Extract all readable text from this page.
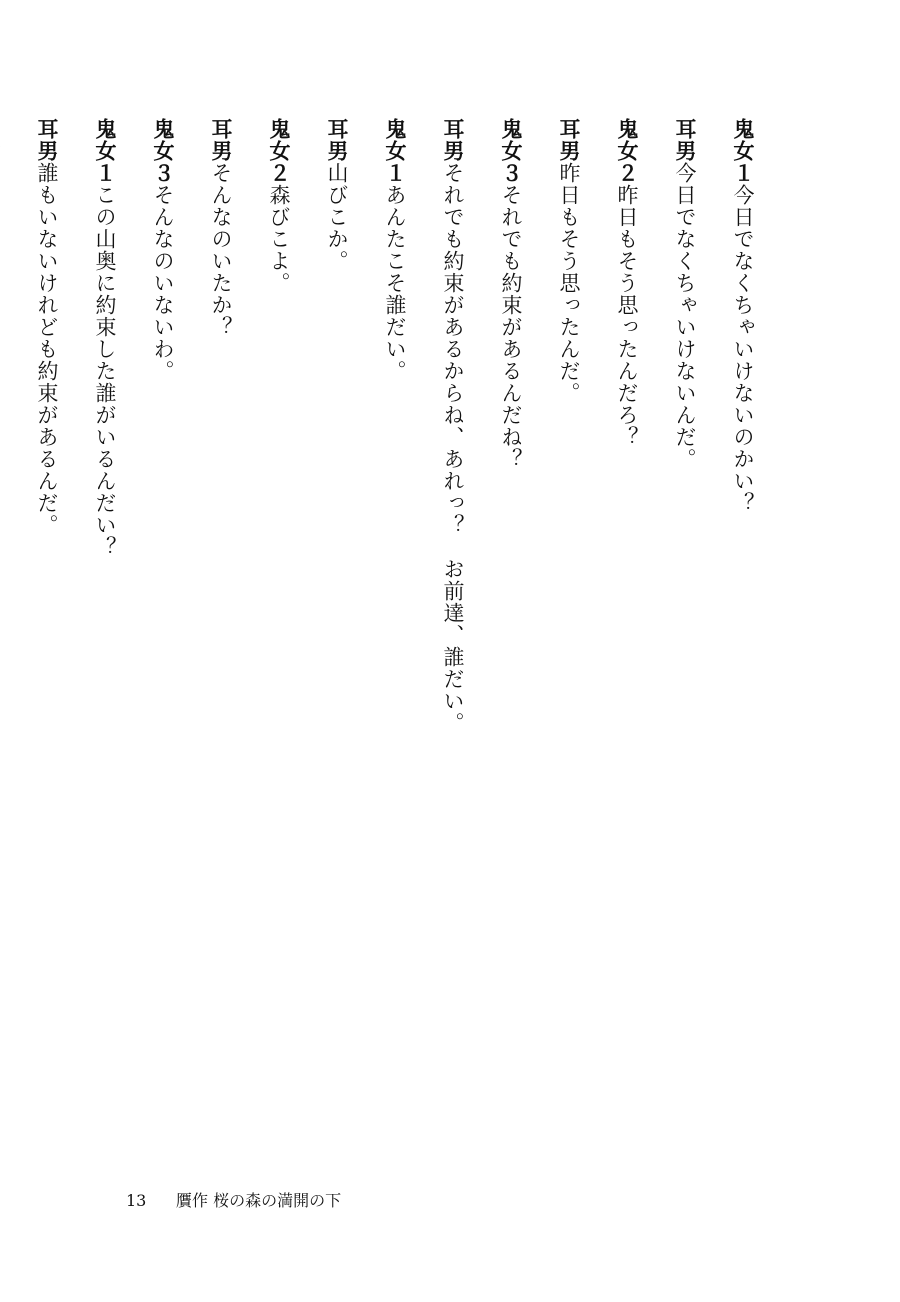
鬼女１今日でなくちゃいけないのかい？
耳男今日でなくちゃいけないんだ。
鬼女２昨日もそう思ったんだろ？
耳男昨日もそう思ったんだ。
鬼女３それでも約束があるんだね？
耳男それでも約束があるからね、あれっ？　お前達、誰だい。
鬼女１あんたこそ誰だい。
耳男山びこか。
鬼女２森びこよ。
耳男そんなのいたか？
鬼女３そんなのいないわ。
鬼女１この山奥に約束した誰がいるんだい？
耳男誰もいないけれども約束があるんだ。
13 贋作 桜の森の満開の下
